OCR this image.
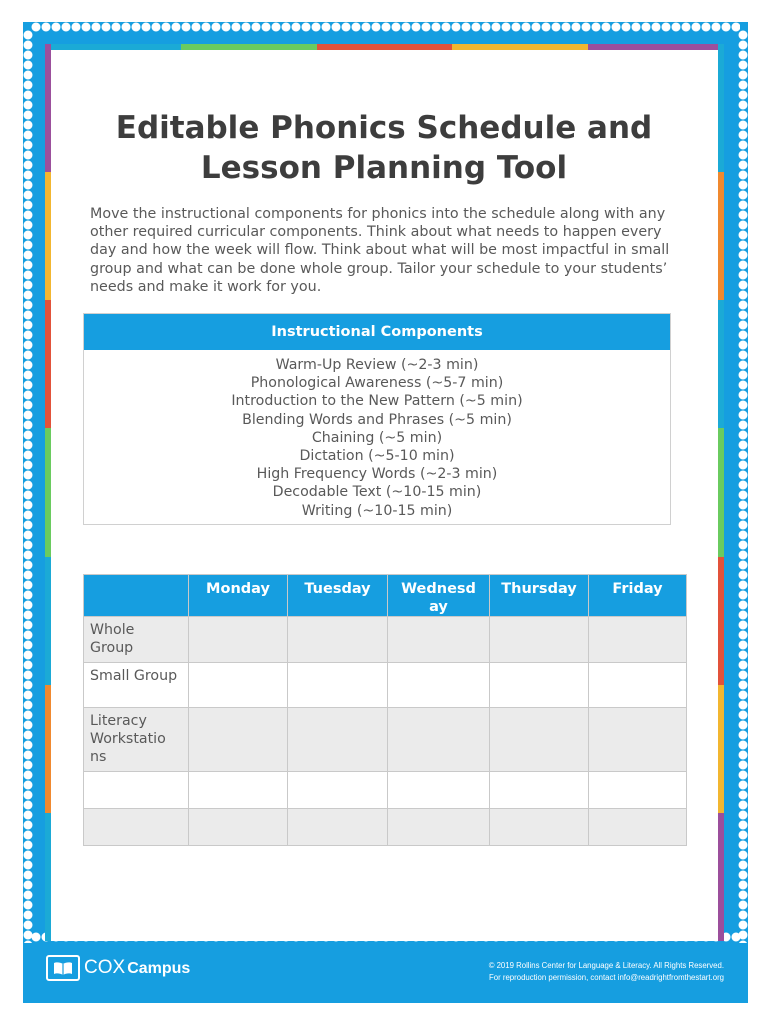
Editable Phonics Schedule and
Lesson Planning Tool

Move the instructional components for phonics into the schedule along with any other required curricular components. Think about what needs to happen every day and how the week will flow. Think about what will be most impactful in small group and what can be done whole group. Tailor your schedule to your students’ needs and make it work for you.

Instructional Components
Warm-Up Review (~2-3 min)
Phonological Awareness (~5-7 min)
Introduction to the New Pattern (~5 min)
Blending Words and Phrases (~5 min)
Chaining (~5 min)
Dictation (~5-10 min)
High Frequency Words (~2-3 min)
Decodable Text (~10-15 min)
Writing (~10-15 min)
	Monday	Tuesday	Wednesd ay	Thursday	Friday
Whole Group					
Small Group					
Literacy Workstatio ns					

COX Campus	© 2019 Rollins Center for Language & Literacy. All Rights Reserved.
For reproduction permission, contact info@readrightfromthestart.org
